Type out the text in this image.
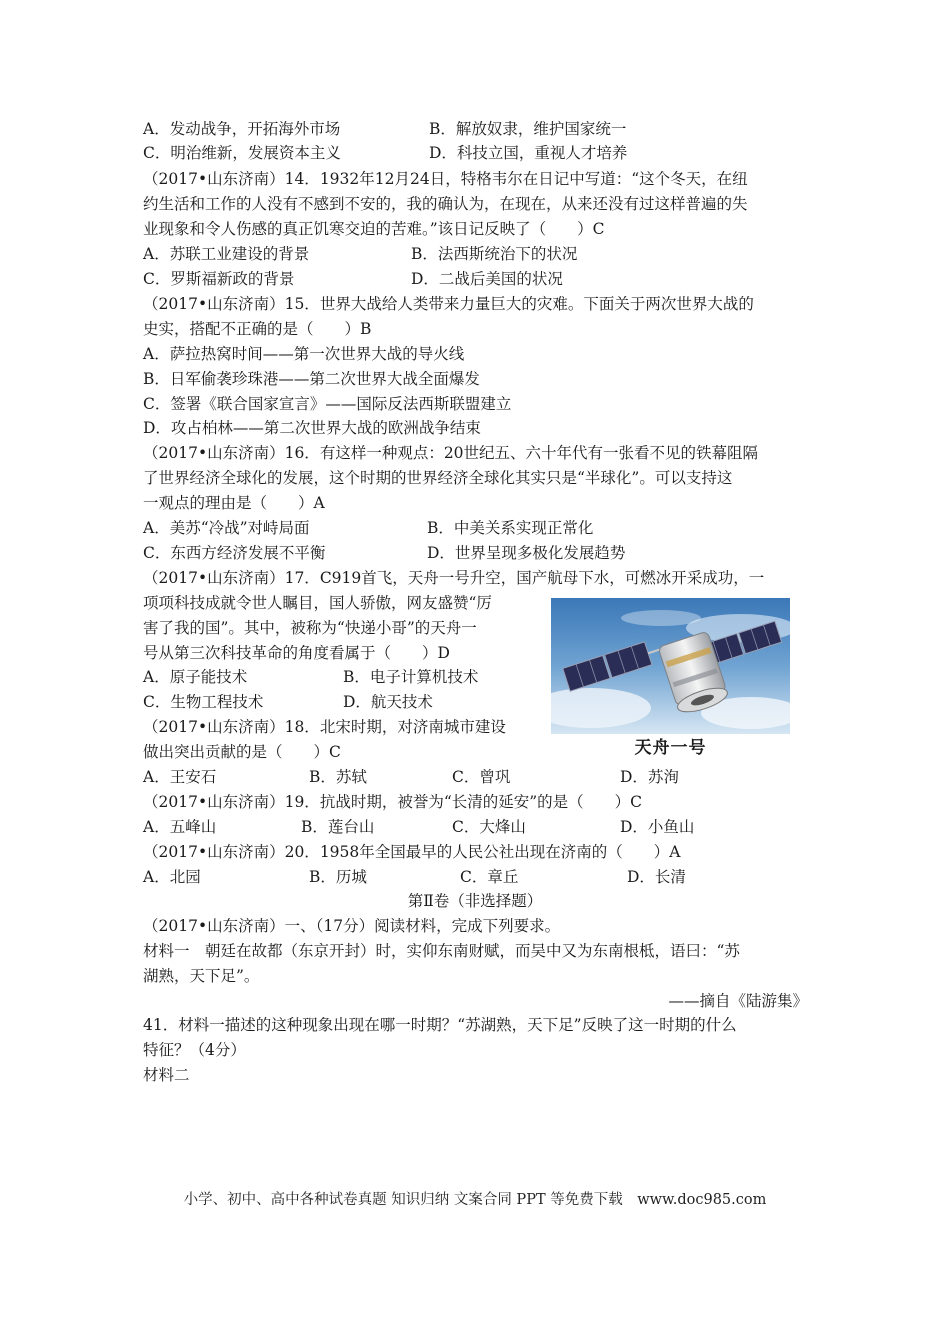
A．发动战争，开拓海外市场	B．解放奴隶，维护国家统一
C．明治维新，发展资本主义	D．科技立国，重视人才培养
（2017•山东济南）14．1932年12月24日，特格韦尔在日记中写道：“这个冬天，在纽
约生活和工作的人没有不感到不安的，我的确认为，在现在，从来还没有过这样普遍的失
业现象和令人伤感的真正饥寒交迫的苦难。”该日记反映了（　　）C
A．苏联工业建设的背景	B．法西斯统治下的状况
C．罗斯福新政的背景	D．二战后美国的状况
（2017•山东济南）15．世界大战给人类带来力量巨大的灾难。下面关于两次世界大战的
史实，搭配不正确的是（　　）B
A．萨拉热窝时间——第一次世界大战的导火线
B．日军偷袭珍珠港——第二次世界大战全面爆发
C．签署《联合国家宣言》——国际反法西斯联盟建立
D．攻占柏林——第二次世界大战的欧洲战争结束
（2017•山东济南）16．有这样一种观点：20世纪五、六十年代有一张看不见的铁幕阻隔
了世界经济全球化的发展，这个时期的世界经济全球化其实只是“半球化”。可以支持这
一观点的理由是（　　）A
A．美苏“冷战”对峙局面	B．中美关系实现正常化
C．东西方经济发展不平衡	D．世界呈现多极化发展趋势
（2017•山东济南）17．C919首飞，天舟一号升空，国产航母下水，可燃冰开采成功，一
项项科技成就令世人瞩目，国人骄傲，网友盛赞“厉
害了我的国”。其中，被称为“快递小哥”的天舟一
号从第三次科技革命的角度看属于（　　）D
A．原子能技术	B．电子计算机技术
C．生物工程技术	D．航天技术
（2017•山东济南）18．北宋时期，对济南城市建设
做出突出贡献的是（　　）C
A．王安石	B．苏轼	C．曾巩	D．苏洵
（2017•山东济南）19．抗战时期，被誉为“长清的延安”的是（　　）C
A．五峰山	B．莲台山	C．大烽山	D．小鱼山
（2017•山东济南）20．1958年全国最早的人民公社出现在济南的（　　）A
A．北园	B．历城	C．章丘	D．长清
第Ⅱ卷（非选择题）
（2017•山东济南）一、（17分）阅读材料，完成下列要求。
材料一　朝廷在故都（东京开封）时，实仰东南财赋，而吴中又为东南根柢，语曰：“苏
湖熟，天下足”。
——摘自《陆游集》
41．材料一描述的这种现象出现在哪一时期？“苏湖熟，天下足”反映了这一时期的什么
特征？（4分）
材料二
天舟一号
小学、初中、高中各种试卷真题 知识归纳 文案合同 PPT 等免费下载　www.doc985.com
